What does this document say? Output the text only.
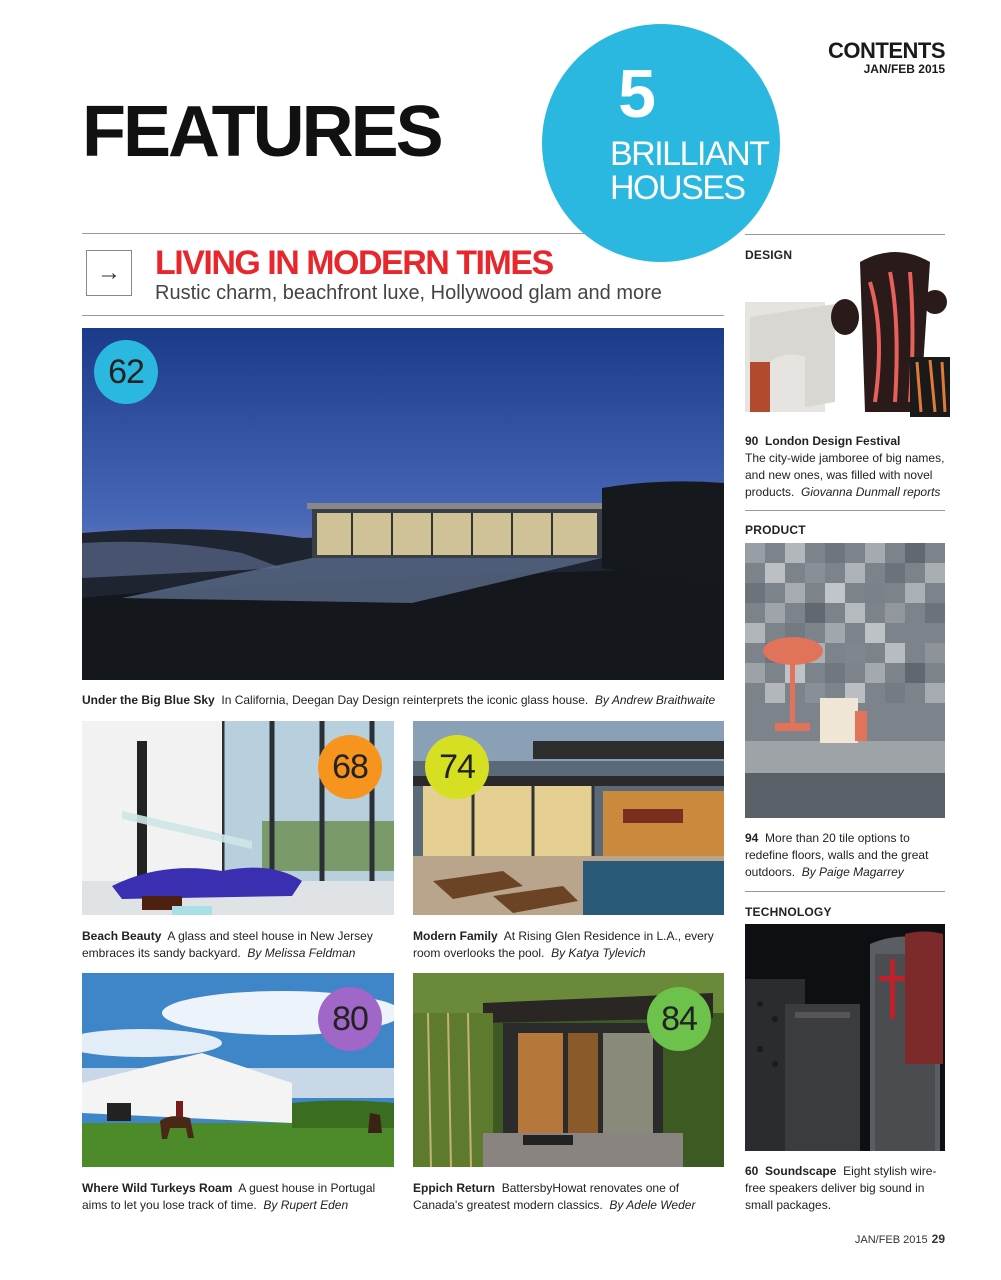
CONTENTS
JAN/FEB 2015
FEATURES	5
BRILLIANT
HOUSES
→	LIVING IN MODERN TIMES
Rustic charm, beachfront luxe, Hollywood glam and more
62
Under the Big Blue Sky In California, Deegan Day Design reinterprets the iconic glass house. By Andrew Braithwaite
68
Beach Beauty A glass and steel house in New Jersey embraces its sandy backyard. By Melissa Feldman
74
Modern Family At Rising Glen Residence in L.A., every room overlooks the pool. By Katya Tylevich
80
Where Wild Turkeys Roam A guest house in Portugal aims to let you lose track of time. By Rupert Eden
84
Eppich Return BattersbyHowat renovates one of Canada's greatest modern classics. By Adele Weder
DESIGN
90 London Design Festival
The city-wide jamboree of big names, and new ones, was filled with novel products. Giovanna Dunmall reports
PRODUCT
94 More than 20 tile options to redefine floors, walls and the great outdoors. By Paige Magarrey
TECHNOLOGY
60 Soundscape Eight stylish wire-free speakers deliver big sound in small packages.
JAN/FEB 2015 29
